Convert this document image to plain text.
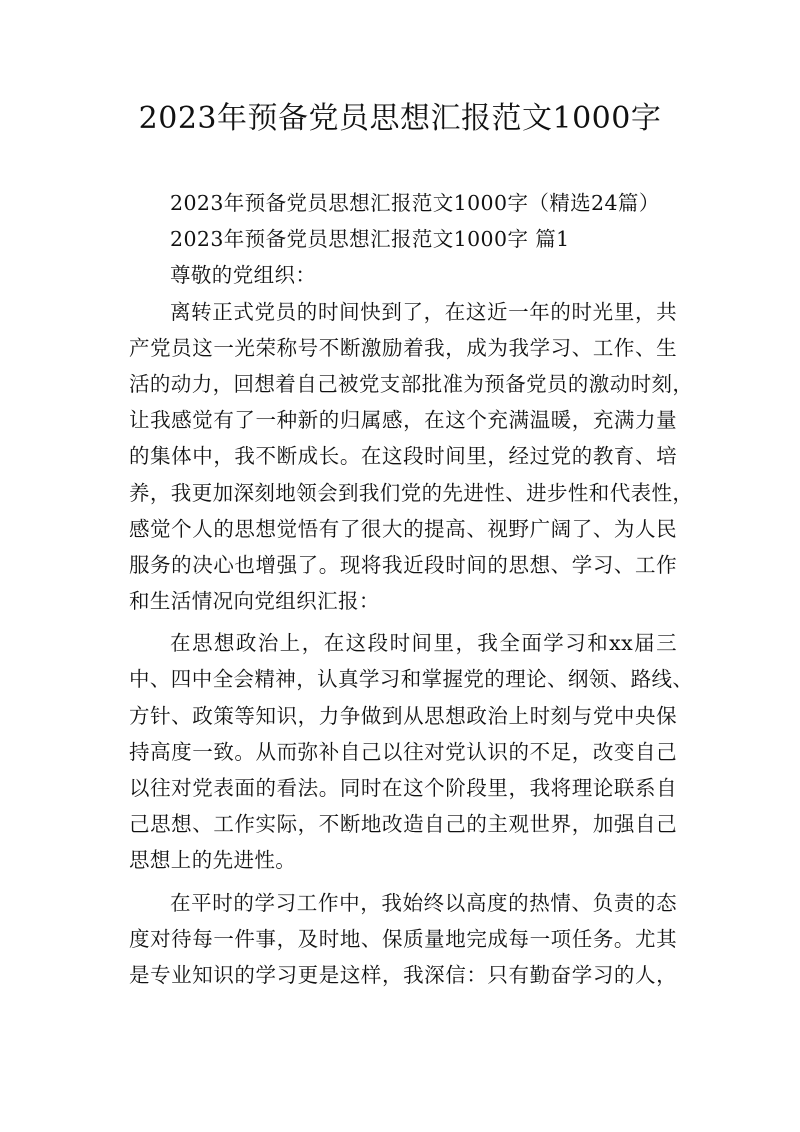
2023年预备党员思想汇报范文1000字
2023年预备党员思想汇报范文1000字（精选24篇）
2023年预备党员思想汇报范文1000字 篇1
尊敬的党组织：
离转正式党员的时间快到了，在这近一年的时光里，共
产党员这一光荣称号不断激励着我，成为我学习、工作、生
活的动力，回想着自己被党支部批准为预备党员的激动时刻，
让我感觉有了一种新的归属感，在这个充满温暖，充满力量
的集体中，我不断成长。在这段时间里，经过党的教育、培
养，我更加深刻地领会到我们党的先进性、进步性和代表性，
感觉个人的思想觉悟有了很大的提高、视野广阔了、为人民
服务的决心也增强了。现将我近段时间的思想、学习、工作
和生活情况向党组织汇报：
在思想政治上，在这段时间里，我全面学习和xx届三
中、四中全会精神，认真学习和掌握党的理论、纲领、路线、
方针、政策等知识，力争做到从思想政治上时刻与党中央保
持高度一致。从而弥补自己以往对党认识的不足，改变自己
以往对党表面的看法。同时在这个阶段里，我将理论联系自
己思想、工作实际，不断地改造自己的主观世界，加强自己
思想上的先进性。
在平时的学习工作中，我始终以高度的热情、负责的态
度对待每一件事，及时地、保质量地完成每一项任务。尤其
是专业知识的学习更是这样，我深信：只有勤奋学习的人，
